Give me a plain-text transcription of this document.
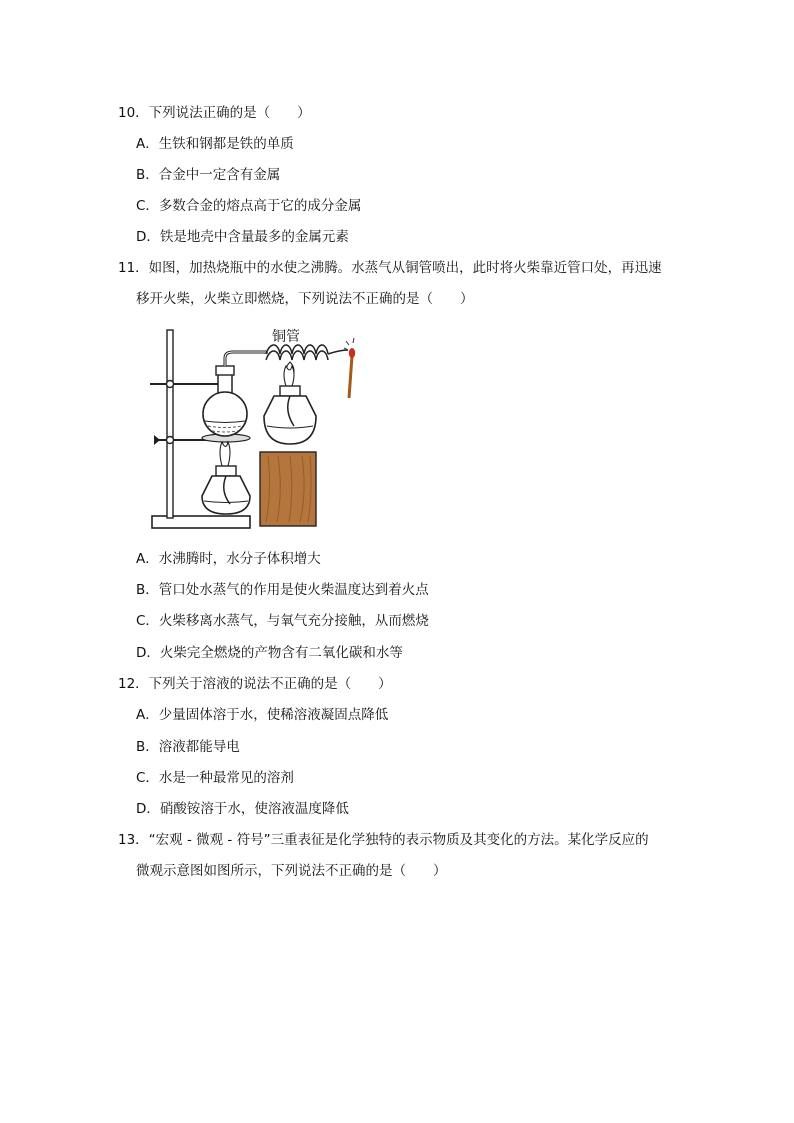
10．下列说法正确的是（　　）
A．生铁和钢都是铁的单质
B．合金中一定含有金属
C．多数合金的熔点高于它的成分金属
D．铁是地壳中含量最多的金属元素
11．如图，加热烧瓶中的水使之沸腾。水蒸气从铜管喷出，此时将火柴靠近管口处，再迅速
移开火柴，火柴立即燃烧，下列说法不正确的是（　　）
铜管
A．水沸腾时，水分子体积增大
B．管口处水蒸气的作用是使火柴温度达到着火点
C．火柴移离水蒸气，与氧气充分接触，从而燃烧
D．火柴完全燃烧的产物含有二氧化碳和水等
12．下列关于溶液的说法不正确的是（　　）
A．少量固体溶于水，使稀溶液凝固点降低
B．溶液都能导电
C．水是一种最常见的溶剂
D．硝酸铵溶于水，使溶液温度降低
13．“宏观 - 微观 - 符号”三重表征是化学独特的表示物质及其变化的方法。某化学反应的
微观示意图如图所示，下列说法不正确的是（　　）
